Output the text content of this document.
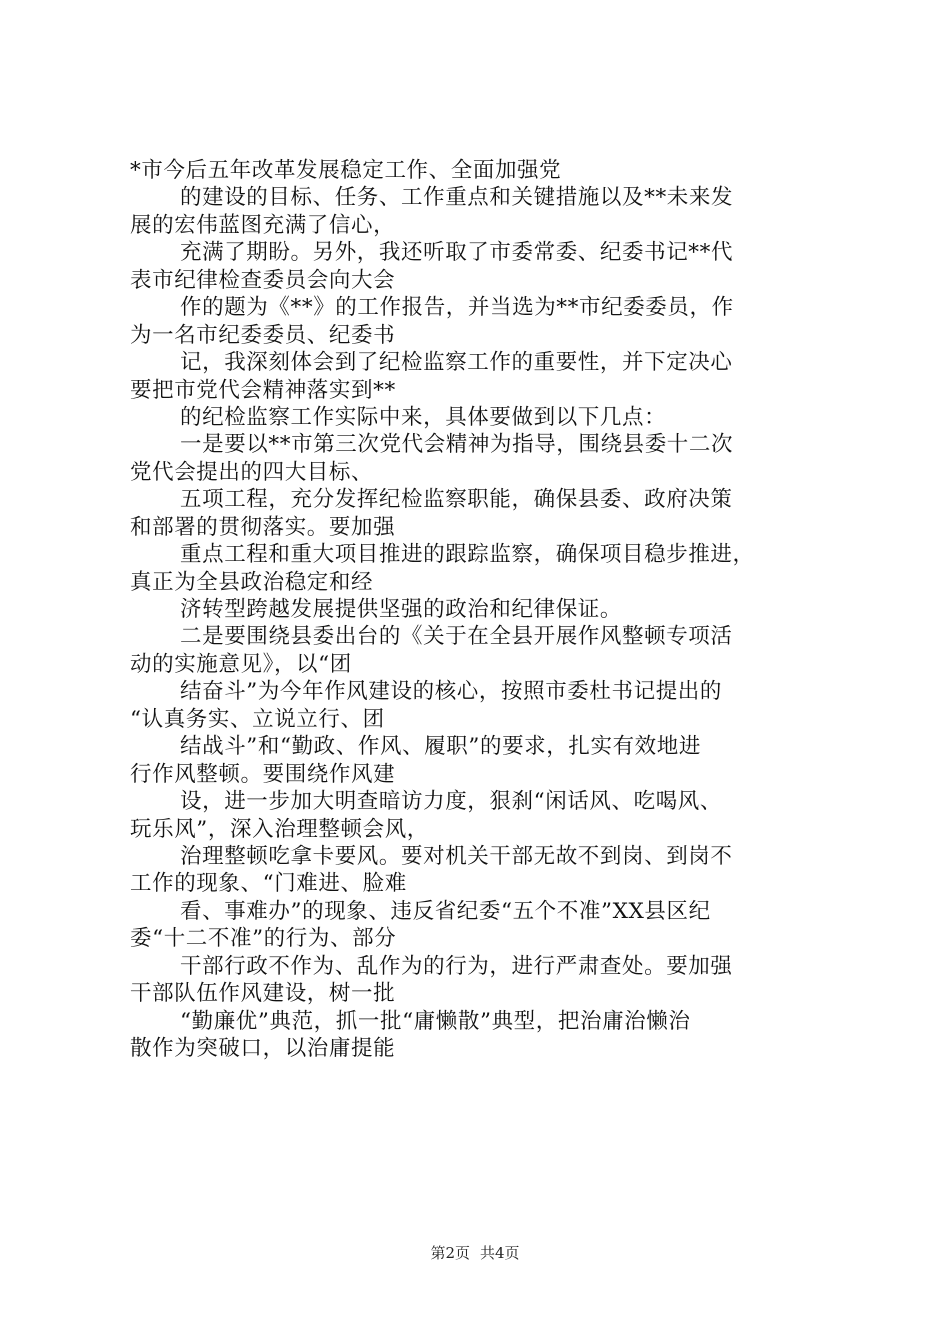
*市今后五年改革发展稳定工作、全面加强党
的建设的目标、任务、工作重点和关键措施以及**未来发
展的宏伟蓝图充满了信心，
充满了期盼。另外，我还听取了市委常委、纪委书记**代
表市纪律检查委员会向大会
作的题为《**》的工作报告，并当选为**市纪委委员，作
为一名市纪委委员、纪委书
记，我深刻体会到了纪检监察工作的重要性，并下定决心
要把市党代会精神落实到**
的纪检监察工作实际中来，具体要做到以下几点：
一是要以**市第三次党代会精神为指导，围绕县委十二次
党代会提出的四大目标、
五项工程，充分发挥纪检监察职能，确保县委、政府决策
和部署的贯彻落实。要加强
重点工程和重大项目推进的跟踪监察，确保项目稳步推进，
真正为全县政治稳定和经
济转型跨越发展提供坚强的政治和纪律保证。
二是要围绕县委出台的《关于在全县开展作风整顿专项活
动的实施意见》，以“团
结奋斗”为今年作风建设的核心，按照市委杜书记提出的
“认真务实、立说立行、团
结战斗”和“勤政、作风、履职”的要求，扎实有效地进
行作风整顿。要围绕作风建
设，进一步加大明查暗访力度，狠刹“闲话风、吃喝风、
玩乐风”，深入治理整顿会风，
治理整顿吃拿卡要风。要对机关干部无故不到岗、到岗不
工作的现象、“门难进、脸难
看、事难办”的现象、违反省纪委“五个不准”XX县区纪
委“十二不准”的行为、部分
干部行政不作为、乱作为的行为，进行严肃查处。要加强
干部队伍作风建设，树一批
“勤廉优”典范，抓一批“庸懒散”典型，把治庸治懒治
散作为突破口，以治庸提能
第2页 共4页
